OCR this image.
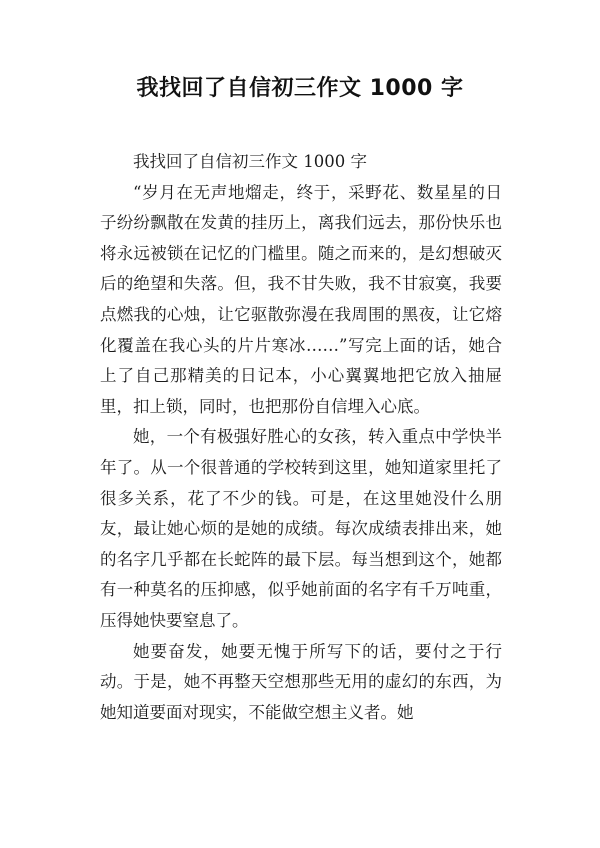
我找回了自信初三作文 1000 字

我找回了自信初三作文 1000 字

“岁月在无声地熘走，终于，采野花、数星星的日子纷纷飘散在发黄的挂历上，离我们远去，那份快乐也将永远被锁在记忆的门槛里。随之而来的，是幻想破灭后的绝望和失落。但，我不甘失败，我不甘寂寞，我要点燃我的心烛，让它驱散弥漫在我周围的黑夜，让它熔化覆盖在我心头的片片寒冰……”写完上面的话，她合上了自己那精美的日记本，小心翼翼地把它放入抽屉里，扣上锁，同时，也把那份自信埋入心底。

她，一个有极强好胜心的女孩，转入重点中学快半年了。从一个很普通的学校转到这里，她知道家里托了很多关系，花了不少的钱。可是，在这里她没什么朋友，最让她心烦的是她的成绩。每次成绩表排出来，她的名字几乎都在长蛇阵的最下层。每当想到这个，她都有一种莫名的压抑感，似乎她前面的名字有千万吨重，压得她快要窒息了。

她要奋发，她要无愧于所写下的话，要付之于行动。于是，她不再整天空想那些无用的虚幻的东西，为她知道要面对现实，不能做空想主义者。她
